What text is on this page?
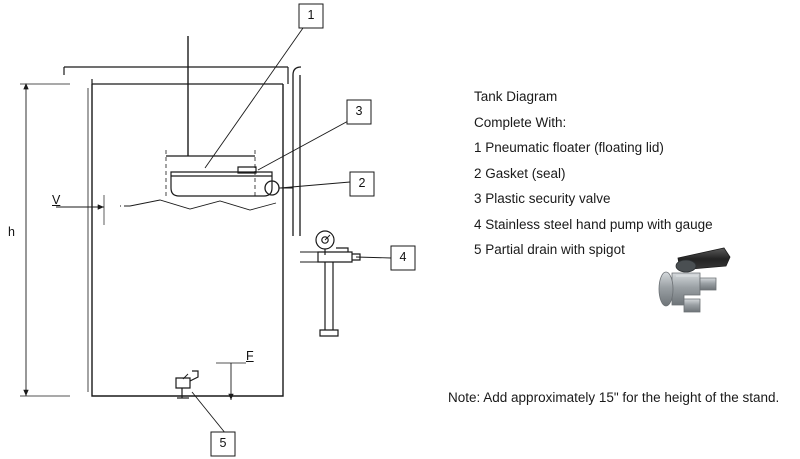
1
3
2
4
5
h
V
F
Tank Diagram
Complete With:
1 Pneumatic floater (floating lid)
2 Gasket (seal)
3 Plastic security valve
4 Stainless steel hand pump with gauge
5 Partial drain with spigot
Note: Add approximately 15" for the height of the stand.
